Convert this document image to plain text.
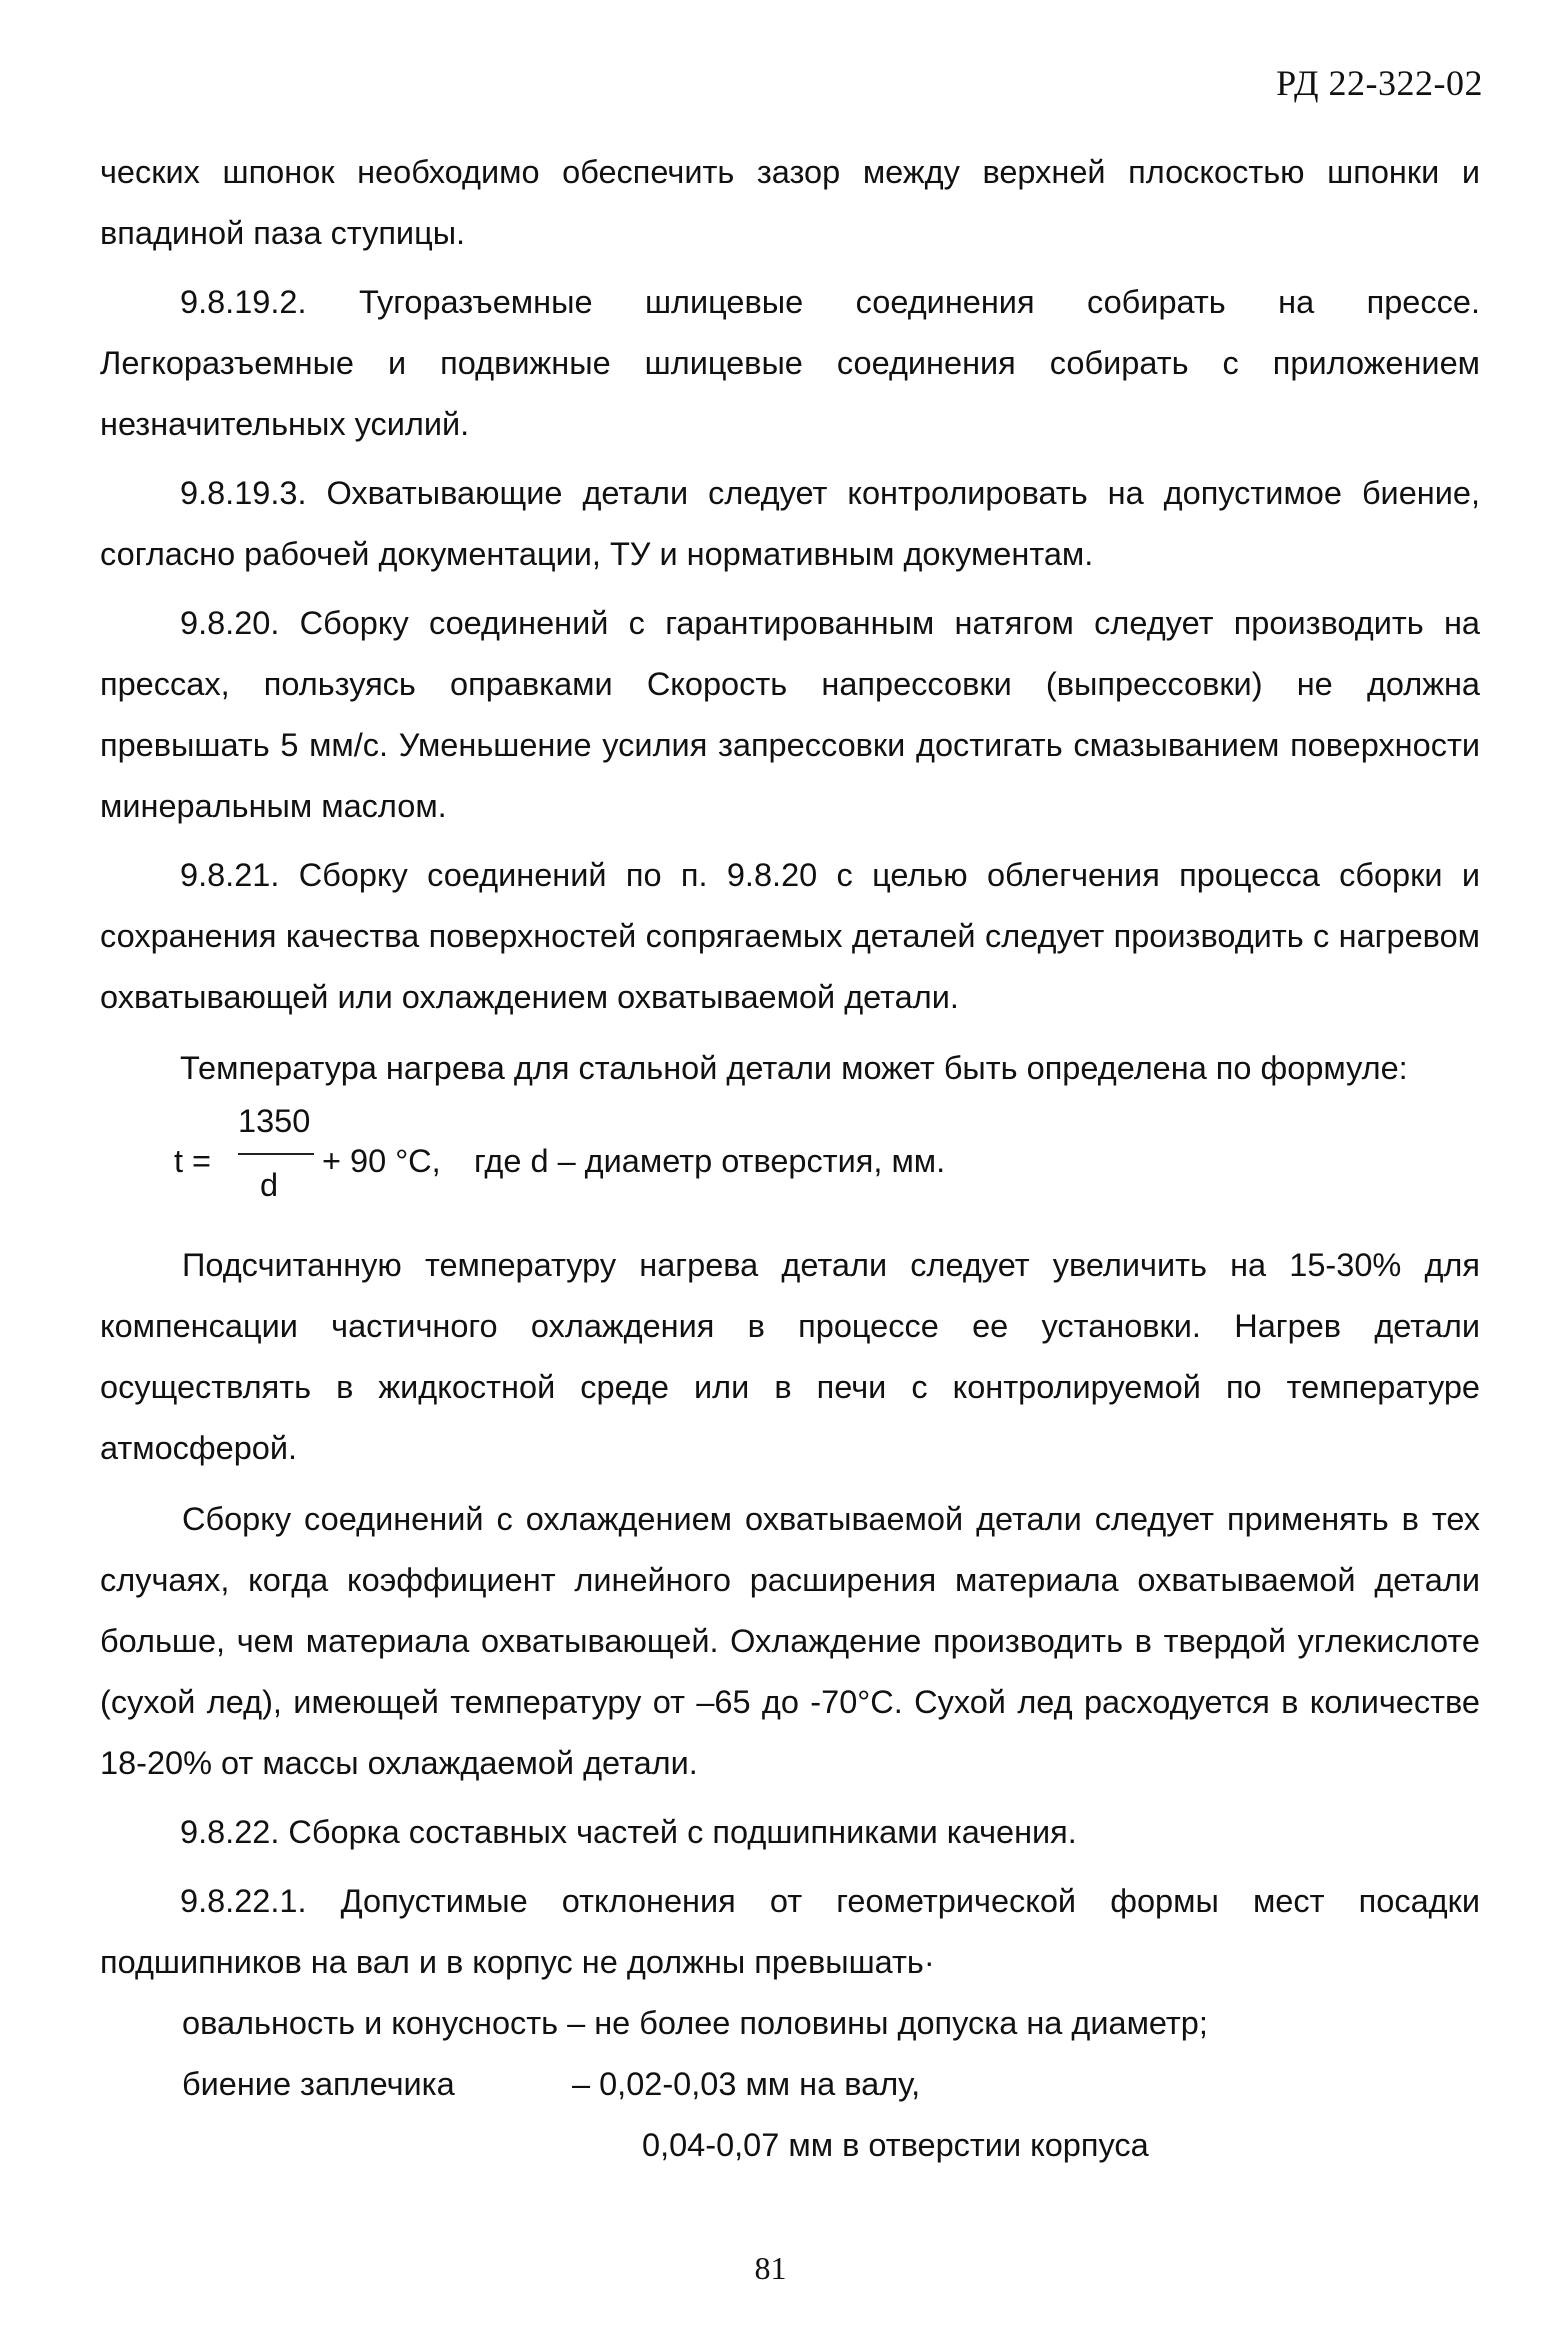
РД 22-322-02

ческих шпонок необходимо обеспечить зазор между верхней плоскостью шпонки и впадиной паза ступицы.

9.8.19.2. Тугоразъемные шлицевые соединения собирать на прессе. Легкоразъемные и подвижные шлицевые соединения собирать с приложением незначительных усилий.

9.8.19.3. Охватывающие детали следует контролировать на допустимое биение, согласно рабочей документации, ТУ и нормативным документам.

9.8.20. Сборку соединений с гарантированным натягом следует производить на прессах, пользуясь оправками Скорость напрессовки (выпрессовки) не должна превышать 5 мм/с. Уменьшение усилия запрессовки достигать смазыванием поверхности минеральным маслом.

9.8.21. Сборку соединений по п. 9.8.20 с целью облегчения процесса сборки и сохранения качества поверхностей сопрягаемых деталей следует производить с нагревом охватывающей или охлаждением охватываемой детали.

Температура нагрева для стальной детали может быть определена по формуле:

t =
1350
d
+ 90 °C, где d – диаметр отверстия, мм.

Подсчитанную температуру нагрева детали следует увеличить на 15-30% для компенсации частичного охлаждения в процессе ее установки. Нагрев детали осуществлять в жидкостной среде или в печи с контролируемой по температуре атмосферой.

Сборку соединений с охлаждением охватываемой детали следует применять в тех случаях, когда коэффициент линейного расширения материала охватываемой детали больше, чем материала охватывающей. Охлаждение производить в твердой углекислоте (сухой лед), имеющей температуру от –65 до -70°С. Сухой лед расходуется в количестве 18-20% от массы охлаждаемой детали.

9.8.22. Сборка составных частей с подшипниками качения.

9.8.22.1. Допустимые отклонения от геометрической формы мест посадки подшипников на вал и в корпус не должны превышать·

овальность и конусность – не более половины допуска на диаметр;
биение заплечика	– 0,02-0,03 мм на валу,
0,04-0,07 мм в отверстии корпуса
81
